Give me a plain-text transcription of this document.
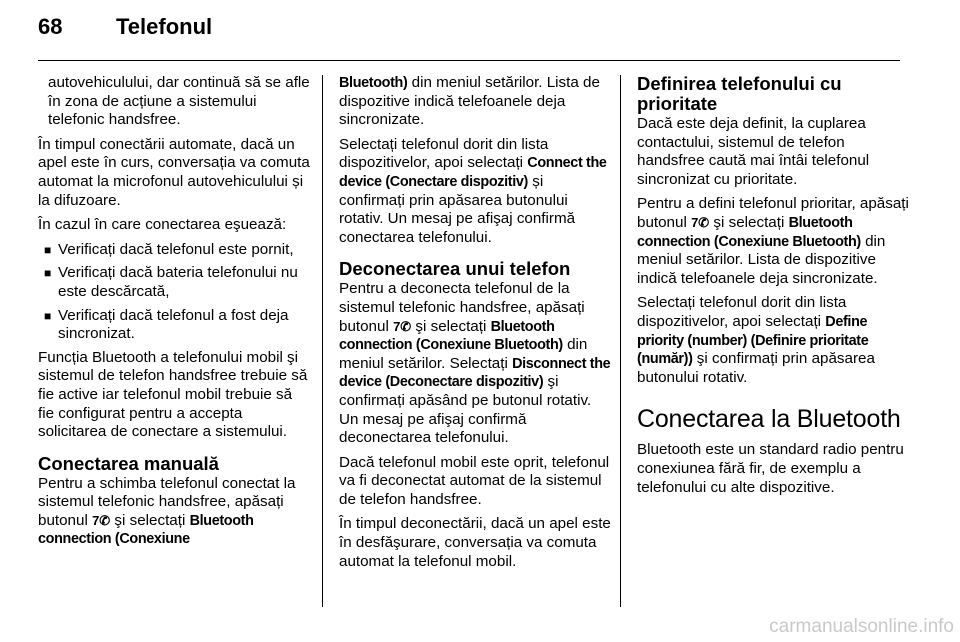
68 Telefonul

autovehiculului, dar continuă să se afle în zona de acțiune a sistemului telefonic handsfree.

În timpul conectării automate, dacă un apel este în curs, conversația va comuta automat la microfonul autovehiculului și la difuzoare.

În cazul în care conectarea eşuează:

■ Verificați dacă telefonul este pornit,
■ Verificați dacă bateria telefonului nu este descărcată,
■ Verificați dacă telefonul a fost deja sincronizat.

Funcția Bluetooth a telefonului mobil şi sistemul de telefon handsfree trebuie să fie active iar telefonul mobil trebuie să fie configurat pentru a accepta solicitarea de conectare a sistemului.

Conectarea manuală

Pentru a schimba telefonul conectat la sistemul telefonic handsfree, apăsați butonul 7✆ şi selectați Bluetooth connection (Conexiune

Bluetooth) din meniul setărilor. Lista de dispozitive indică telefoanele deja sincronizate.

Selectați telefonul dorit din lista dispozitivelor, apoi selectați Connect the device (Conectare dispozitiv) și confirmați prin apăsarea butonului rotativ. Un mesaj pe afişaj confirmă conectarea telefonului.

Deconectarea unui telefon

Pentru a deconecta telefonul de la sistemul telefonic handsfree, apăsați butonul 7✆ şi selectați Bluetooth connection (Conexiune Bluetooth) din meniul setărilor. Selectați Disconnect the device (Deconectare dispozitiv) şi confirmați apăsând pe butonul rotativ. Un mesaj pe afişaj confirmă deconectarea telefonului.

Dacă telefonul mobil este oprit, telefonul va fi deconectat automat de la sistemul de telefon handsfree.

În timpul deconectării, dacă un apel este în desfăşurare, conversația va comuta automat la telefonul mobil.

Definirea telefonului cu prioritate

Dacă este deja definit, la cuplarea contactului, sistemul de telefon handsfree caută mai întâi telefonul sincronizat cu prioritate.

Pentru a defini telefonul prioritar, apăsați butonul 7✆ şi selectați Bluetooth connection (Conexiune Bluetooth) din meniul setărilor. Lista de dispozitive indică telefoanele deja sincronizate.

Selectați telefonul dorit din lista dispozitivelor, apoi selectați Define priority (number) (Definire prioritate (număr)) şi confirmați prin apăsarea butonului rotativ.

Conectarea la Bluetooth

Bluetooth este un standard radio pentru conexiunea fără fir, de exemplu a telefonului cu alte dispozitive.

carmanualsonline.info
